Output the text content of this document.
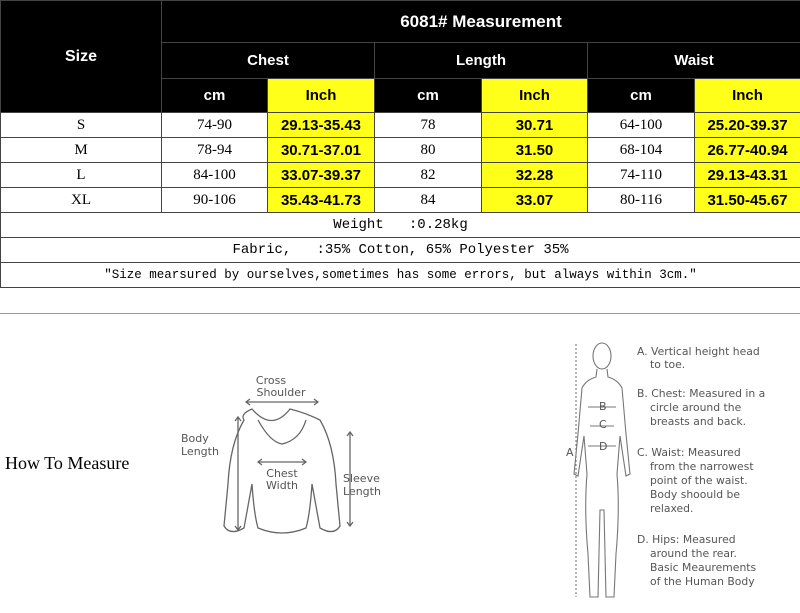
Size	6081# Measurement					
	Chest		Length		Waist	
	cm	Inch	cm	Inch	cm	Inch
S	74-90	29.13-35.43	78	30.71	64-100	25.20-39.37
M	78-94	30.71-37.01	80	31.50	68-104	26.77-40.94
L	84-100	33.07-39.37	82	32.28	74-110	29.13-43.31
XL	90-106	35.43-41.73	84	33.07	80-116	31.50-45.67
Weight   :0.28kg						
Fabric,   :35% Cotton, 65% Polyester 35%						
"Size mearsured by ourselves,sometimes has some errors, but always within 3cm."						
How To Measure
Cross
Shoulder
Body
Length
Chest
Width
Sleeve
Length
A
B
C
D
A. Vertical height head
to toe.
B. Chest: Measured in a
circle around the
breasts and back.
C. Waist: Measured
from the narrowest
point of the waist.
Body shoould be
relaxed.
D. Hips: Measured
around the rear.
Basic Meaurements
of the Human Body
